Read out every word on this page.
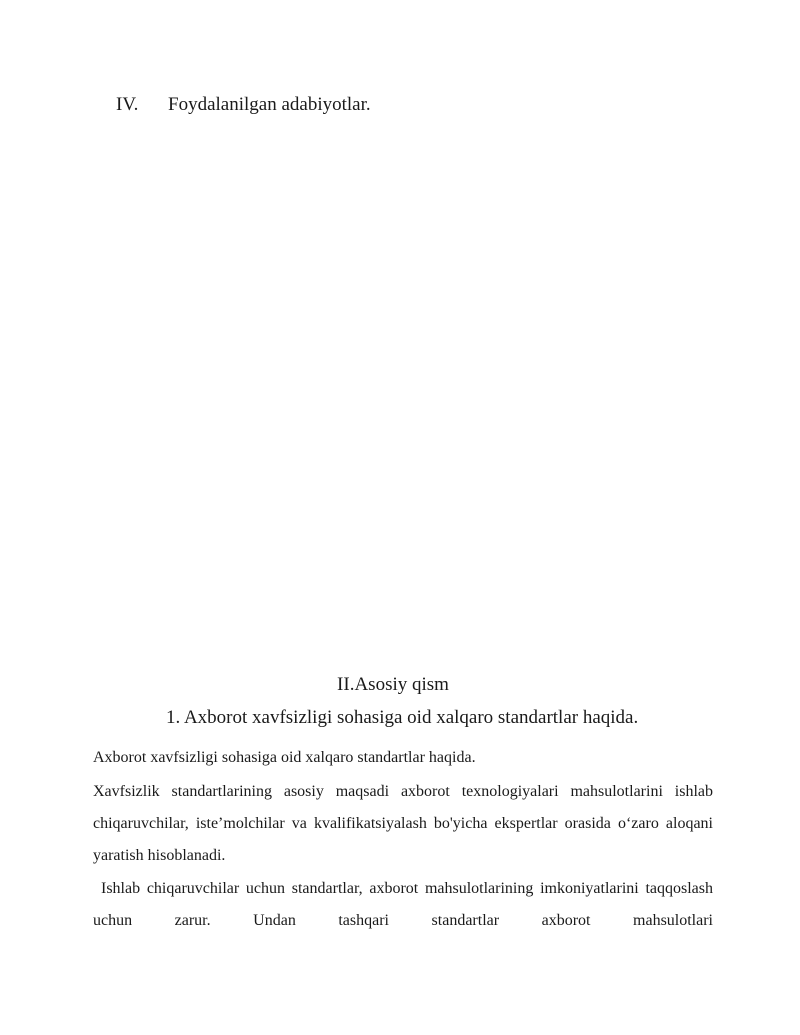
IV. Foydalanilgan adabiyotlar.
II.Asosiy qism
1. Axborot xavfsizligi sohasiga oid xalqaro standartlar haqida.

Axborot xavfsizligi sohasiga oid xalqaro standartlar haqida.

Xavfsizlik standartlarining asosiy maqsadi axborot texnologiyalari mahsulotlarini ishlab chiqaruvchilar, iste’molchilar va kvalifikatsiyalash bo'yicha ekspertlar orasida o‘zaro aloqani yaratish hisoblanadi.

Ishlab chiqaruvchilar uchun standartlar, axborot mahsulotlarining imkoniyatlarini taqqoslash uchun zarur. Undan tashqari standartlar axborot mahsulotlari
